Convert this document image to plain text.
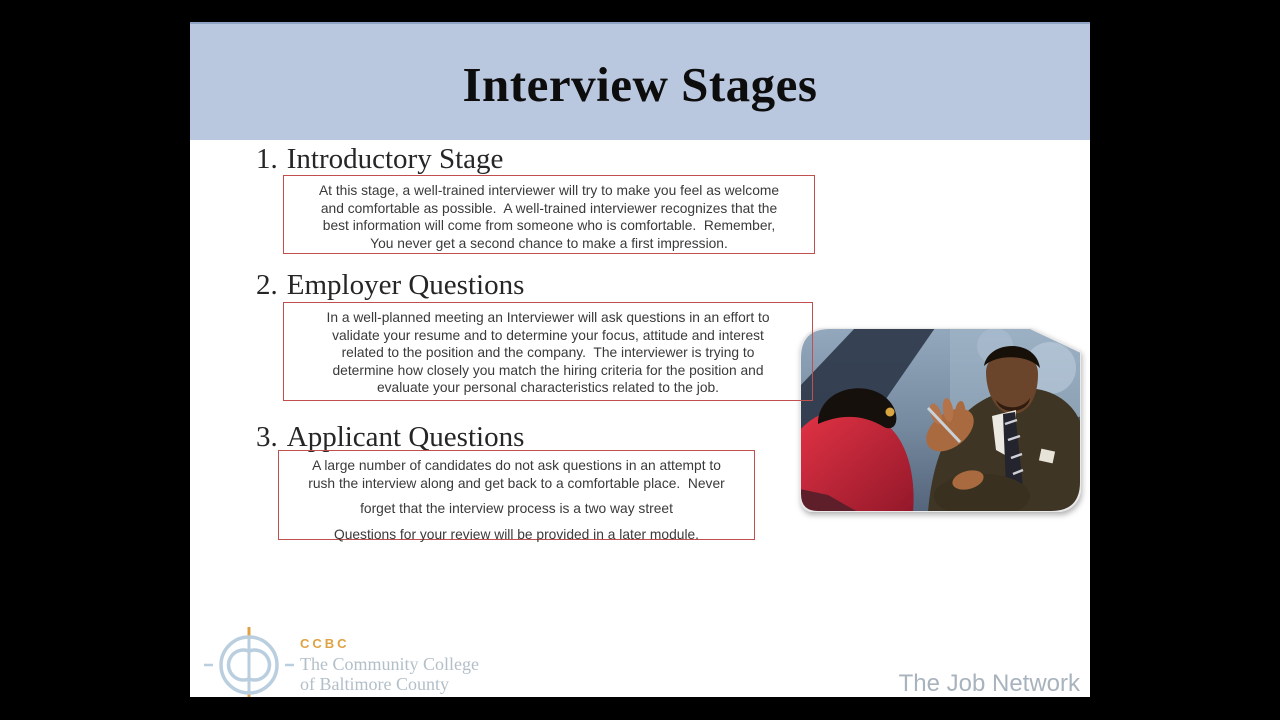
Interview Stages
1. Introductory Stage

At this stage, a well-trained interviewer will try to make you feel as welcome
and comfortable as possible.  A well-trained interviewer recognizes that the
best information will come from someone who is comfortable.  Remember,
You never get a second chance to make a first impression.

2. Employer Questions

In a well-planned meeting an Interviewer will ask questions in an effort to
validate your resume and to determine your focus, attitude and interest
related to the position and the company.  The interviewer is trying to
determine how closely you match the hiring criteria for the position and
evaluate your personal characteristics related to the job.

3. Applicant Questions

A large number of candidates do not ask questions in an attempt to
rush the interview along and get back to a comfortable place.  Never

forget that the interview process is a two way street

Questions for your review will be provided in a later module.

CCBC
The Community College
of Baltimore County	The Job Network
